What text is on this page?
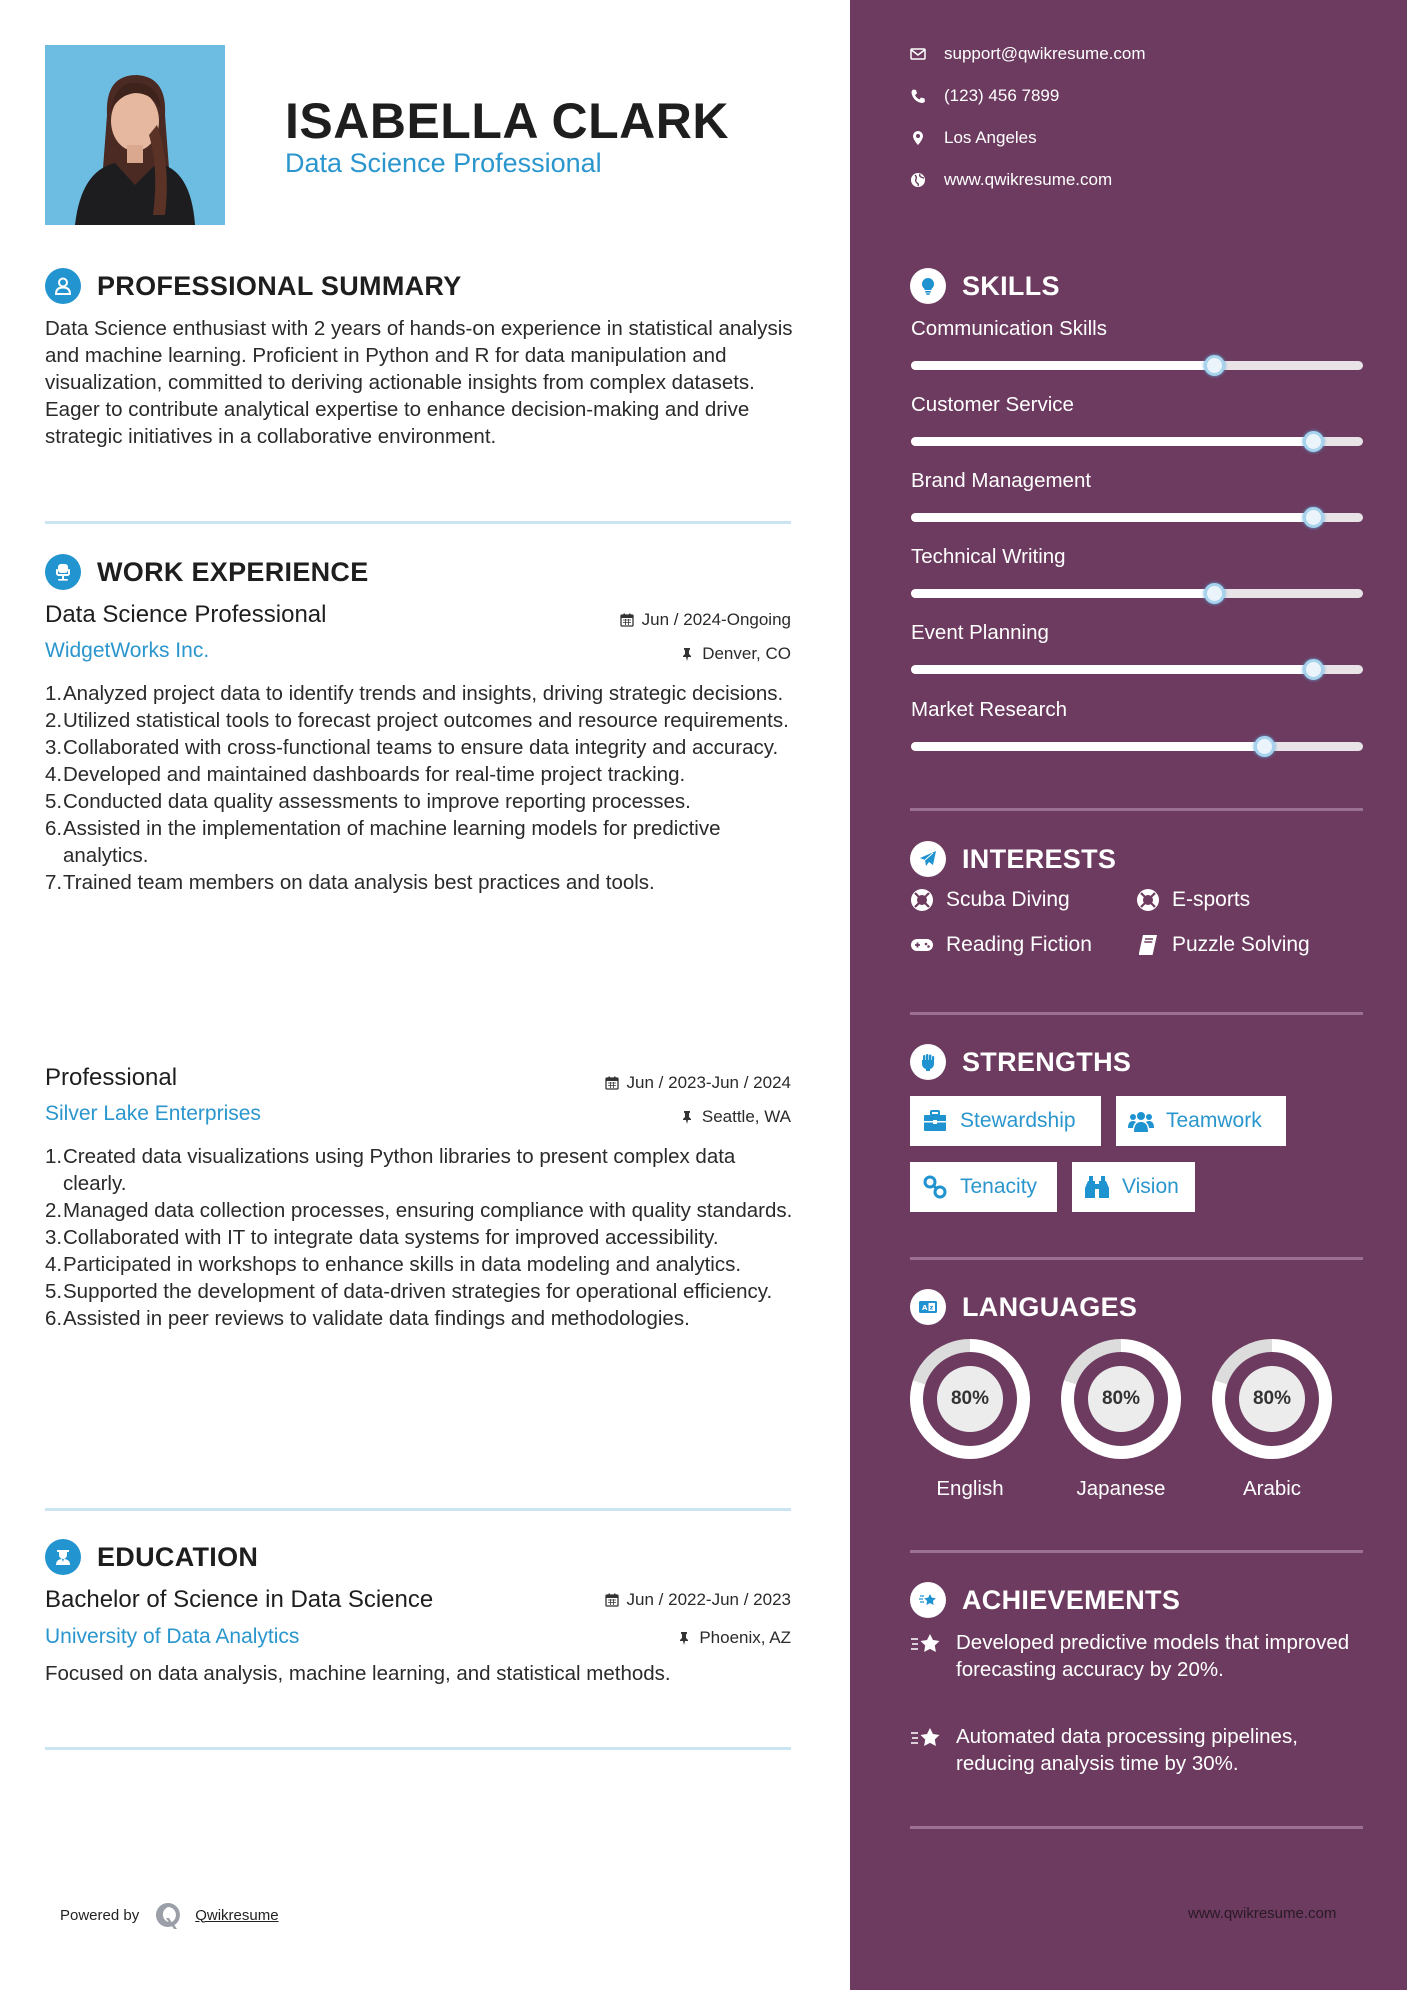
ISABELLA CLARK
Data Science Professional
PROFESSIONAL SUMMARY
Data Science enthusiast with 2 years of hands-on experience in statistical analysis and machine learning. Proficient in Python and R for data manipulation and visualization, committed to deriving actionable insights from complex datasets. Eager to contribute analytical expertise to enhance decision-making and drive strategic initiatives in a collaborative environment.
WORK EXPERIENCE
Data Science Professional	Jun / 2024-Ongoing
WidgetWorks Inc.	Denver, CO
1. Analyzed project data to identify trends and insights, driving strategic decisions.
2. Utilized statistical tools to forecast project outcomes and resource requirements.
3. Collaborated with cross-functional teams to ensure data integrity and accuracy.
4. Developed and maintained dashboards for real-time project tracking.
5. Conducted data quality assessments to improve reporting processes.
6. Assisted in the implementation of machine learning models for predictive analytics.
7. Trained team members on data analysis best practices and tools.
Professional	Jun / 2023-Jun / 2024
Silver Lake Enterprises	Seattle, WA
1. Created data visualizations using Python libraries to present complex data clearly.
2. Managed data collection processes, ensuring compliance with quality standards.
3. Collaborated with IT to integrate data systems for improved accessibility.
4. Participated in workshops to enhance skills in data modeling and analytics.
5. Supported the development of data-driven strategies for operational efficiency.
6. Assisted in peer reviews to validate data findings and methodologies.
EDUCATION
Bachelor of Science in Data Science	Jun / 2022-Jun / 2023
University of Data Analytics	Phoenix, AZ
Focused on data analysis, machine learning, and statistical methods.
Powered by	Qwikresume
support@qwikresume.com
(123) 456 7899
Los Angeles
www.qwikresume.com
SKILLS
Communication Skills
Customer Service
Brand Management
Technical Writing
Event Planning
Market Research
INTERESTS
Scuba Diving	E-sports
Reading Fiction	Puzzle Solving
STRENGTHS
Stewardship	Teamwork
Tenacity	Vision
A z LANGUAGES
80%
English
80%
Japanese
80%
Arabic
ACHIEVEMENTS
Developed predictive models that improved forecasting accuracy by 20%.
Automated data processing pipelines, reducing analysis time by 30%.
www.qwikresume.com
